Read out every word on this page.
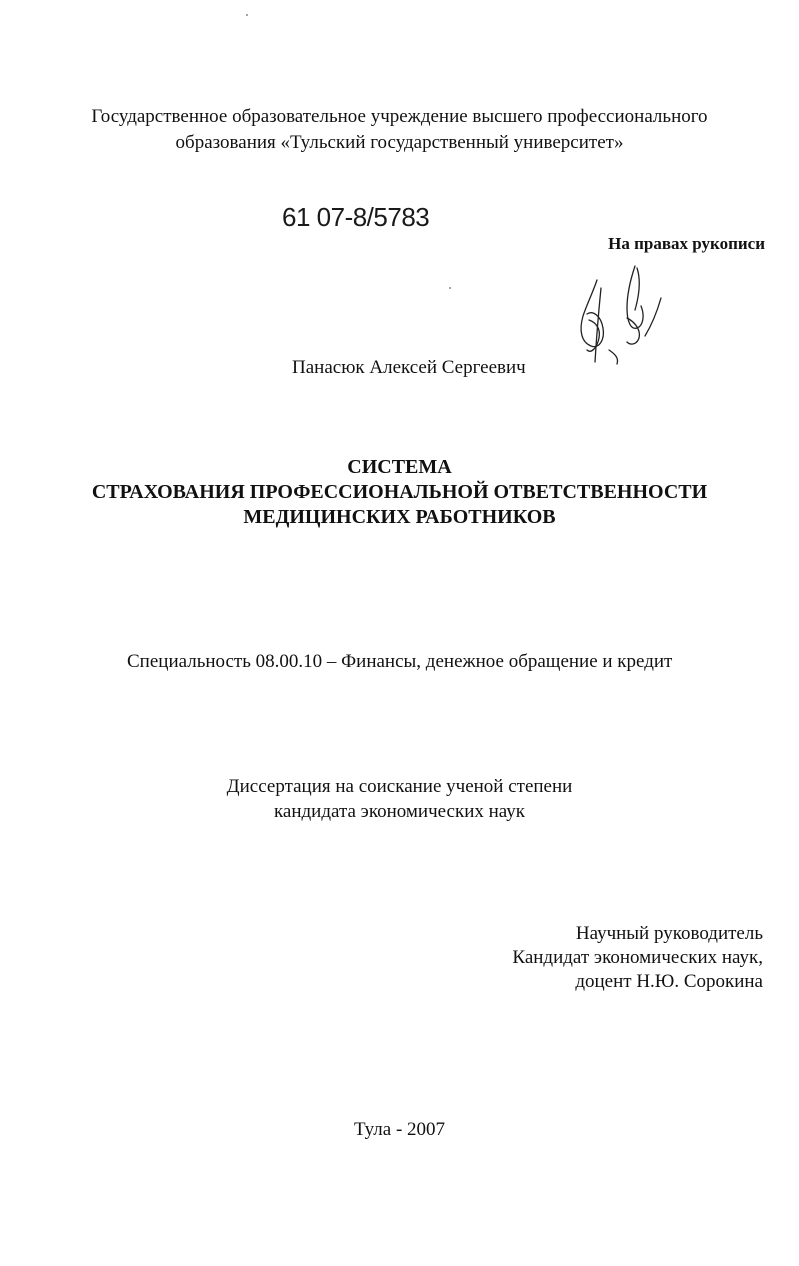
Государственное образовательное учреждение высшего профессионального
образования «Тульский государственный университет»
61 07-8/5783
На правах рукописи
Панасюк Алексей Сергеевич
СИСТЕМА
СТРАХОВАНИЯ ПРОФЕССИОНАЛЬНОЙ ОТВЕТСТВЕННОСТИ
МЕДИЦИНСКИХ РАБОТНИКОВ
Специальность 08.00.10 – Финансы, денежное обращение и кредит
Диссертация на соискание ученой степени
кандидата экономических наук
Научный руководитель
Кандидат экономических наук,
доцент Н.Ю. Сорокина
Тула - 2007
